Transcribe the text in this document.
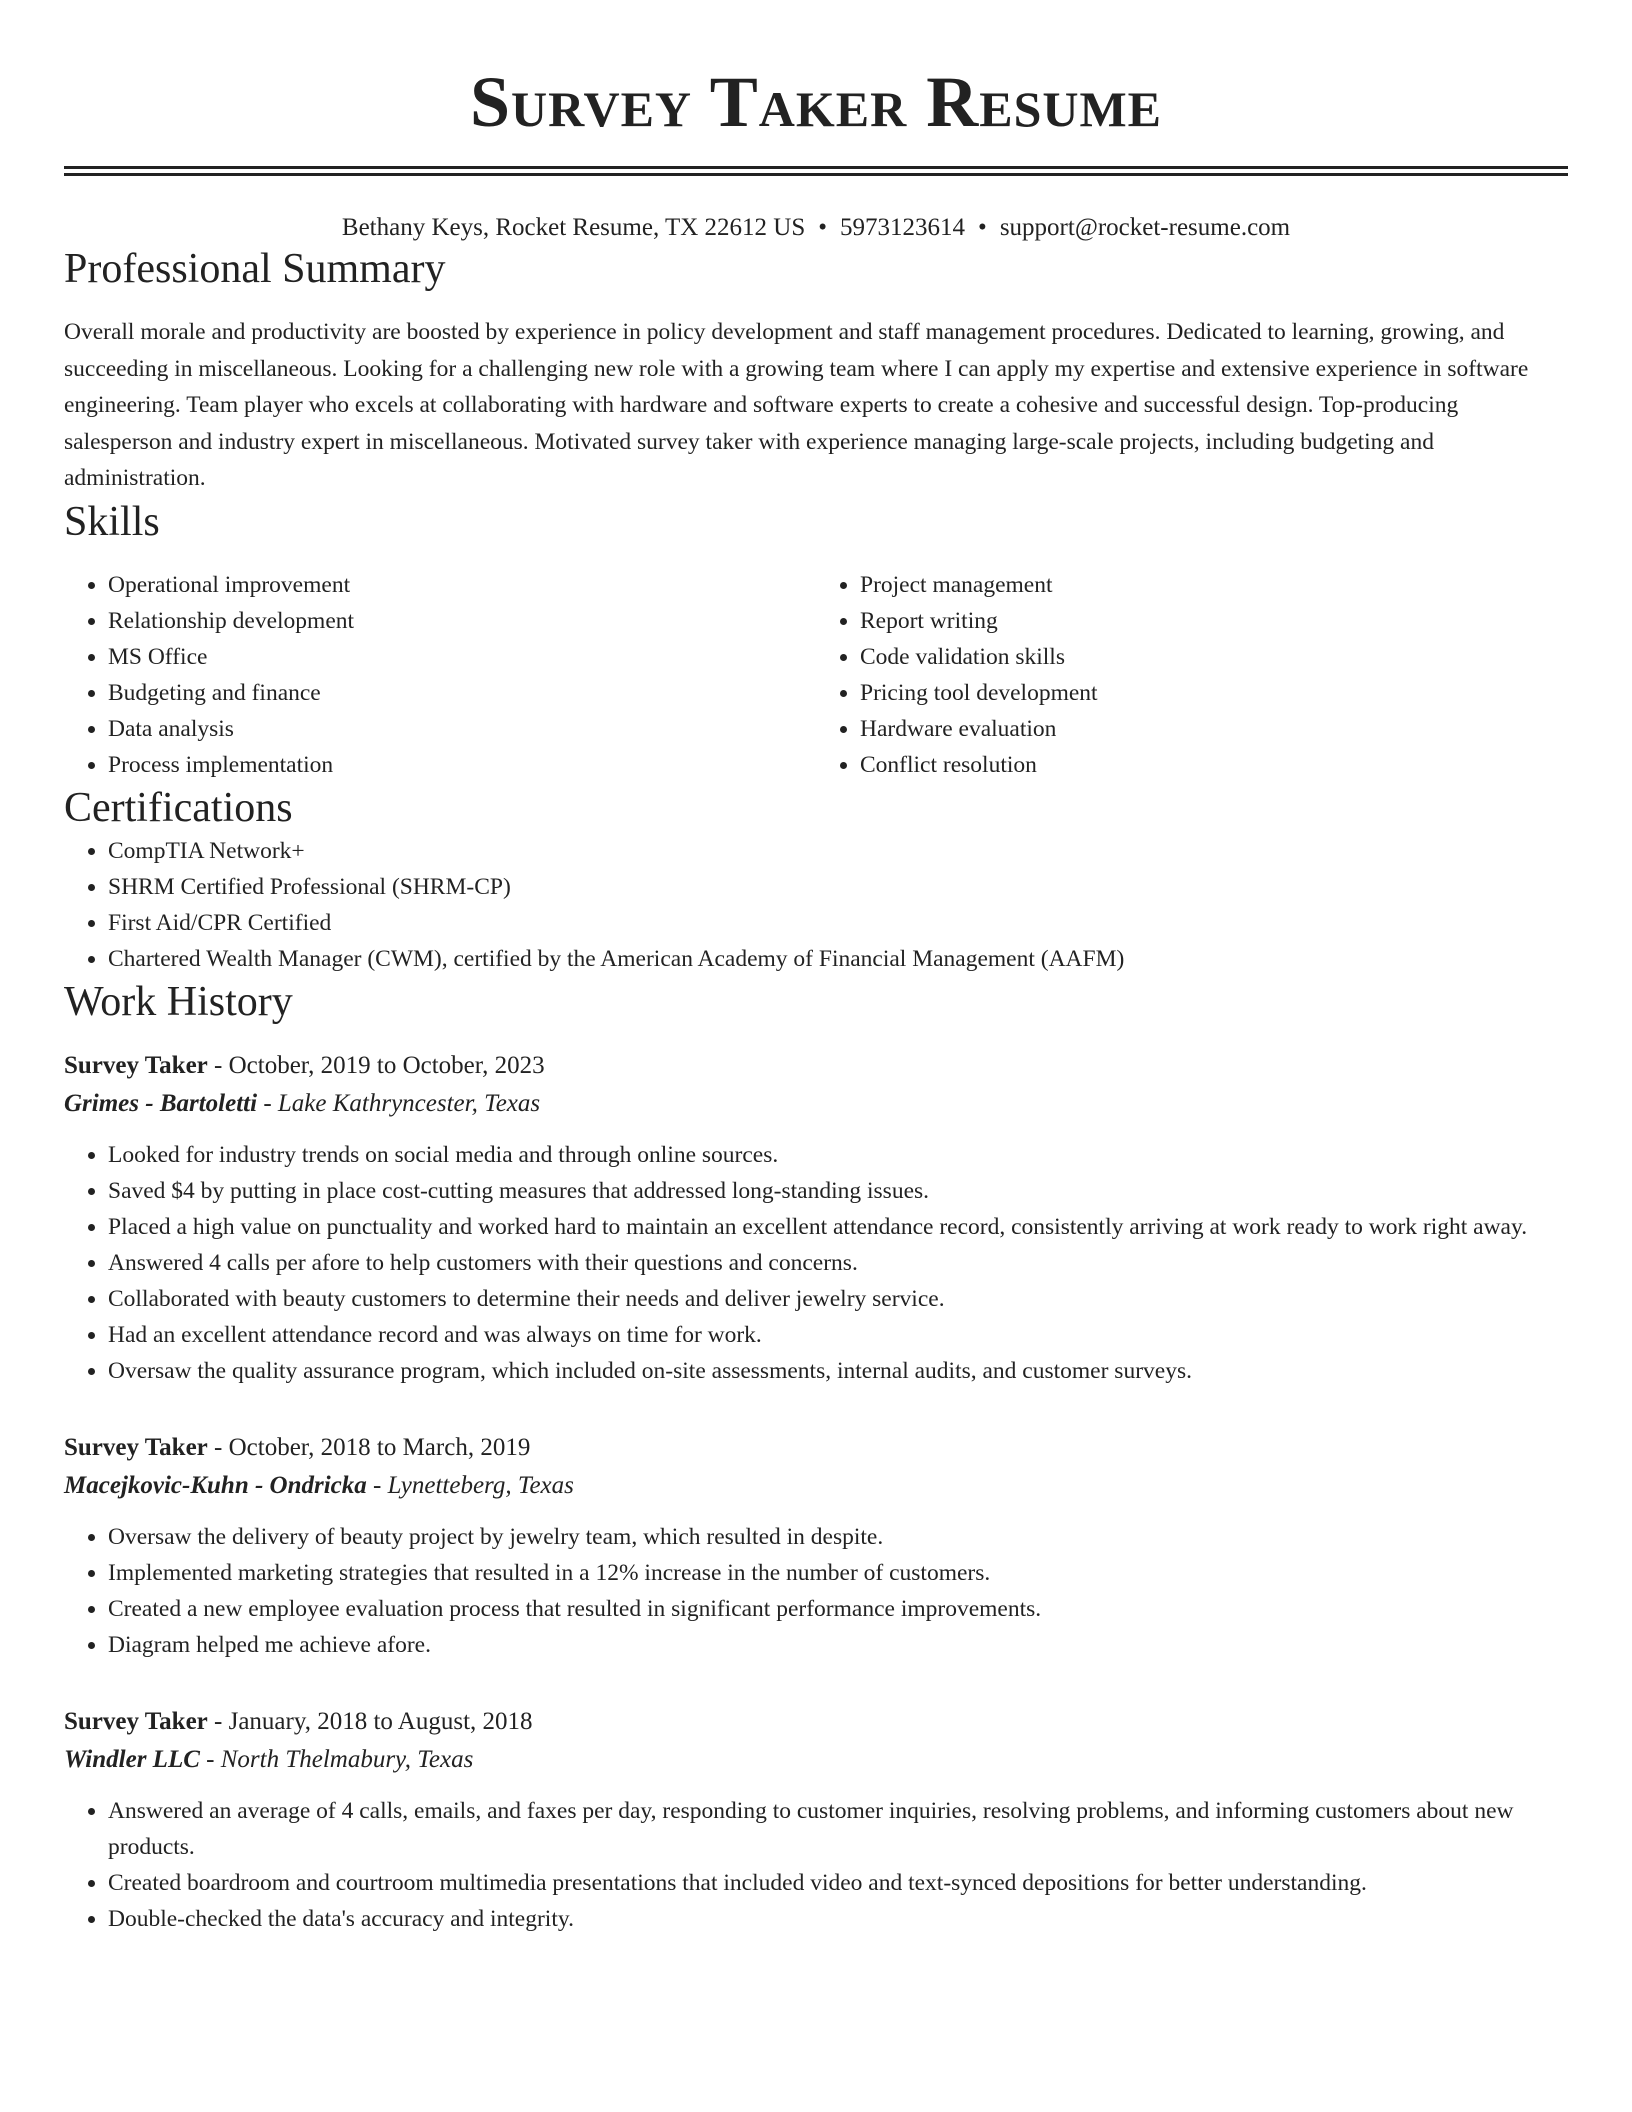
Survey Taker Resume
Bethany Keys, Rocket Resume, TX 22612 US • 5973123614 • support@rocket-resume.com
Professional Summary
Overall morale and productivity are boosted by experience in policy development and staff management procedures. Dedicated to learning, growing, and succeeding in miscellaneous. Looking for a challenging new role with a growing team where I can apply my expertise and extensive experience in software engineering. Team player who excels at collaborating with hardware and software experts to create a cohesive and successful design. Top-producing salesperson and industry expert in miscellaneous. Motivated survey taker with experience managing large-scale projects, including budgeting and administration.
Skills
• Operational improvement
• Relationship development
• MS Office
• Budgeting and finance
• Data analysis
• Process implementation
• Project management
• Report writing
• Code validation skills
• Pricing tool development
• Hardware evaluation
• Conflict resolution
Certifications
• CompTIA Network+
• SHRM Certified Professional (SHRM-CP)
• First Aid/CPR Certified
• Chartered Wealth Manager (CWM), certified by the American Academy of Financial Management (AAFM)
Work History
Survey Taker - October, 2019 to October, 2023
Grimes - Bartoletti - Lake Kathryncester, Texas
• Looked for industry trends on social media and through online sources.
• Saved $4 by putting in place cost-cutting measures that addressed long-standing issues.
• Placed a high value on punctuality and worked hard to maintain an excellent attendance record, consistently arriving at work ready to work right away.
• Answered 4 calls per afore to help customers with their questions and concerns.
• Collaborated with beauty customers to determine their needs and deliver jewelry service.
• Had an excellent attendance record and was always on time for work.
• Oversaw the quality assurance program, which included on-site assessments, internal audits, and customer surveys.
Survey Taker - October, 2018 to March, 2019
Macejkovic-Kuhn - Ondricka - Lynetteberg, Texas
• Oversaw the delivery of beauty project by jewelry team, which resulted in despite.
• Implemented marketing strategies that resulted in a 12% increase in the number of customers.
• Created a new employee evaluation process that resulted in significant performance improvements.
• Diagram helped me achieve afore.
Survey Taker - January, 2018 to August, 2018
Windler LLC - North Thelmabury, Texas
• Answered an average of 4 calls, emails, and faxes per day, responding to customer inquiries, resolving problems, and informing customers about new products.
• Created boardroom and courtroom multimedia presentations that included video and text-synced depositions for better understanding.
• Double-checked the data's accuracy and integrity.
